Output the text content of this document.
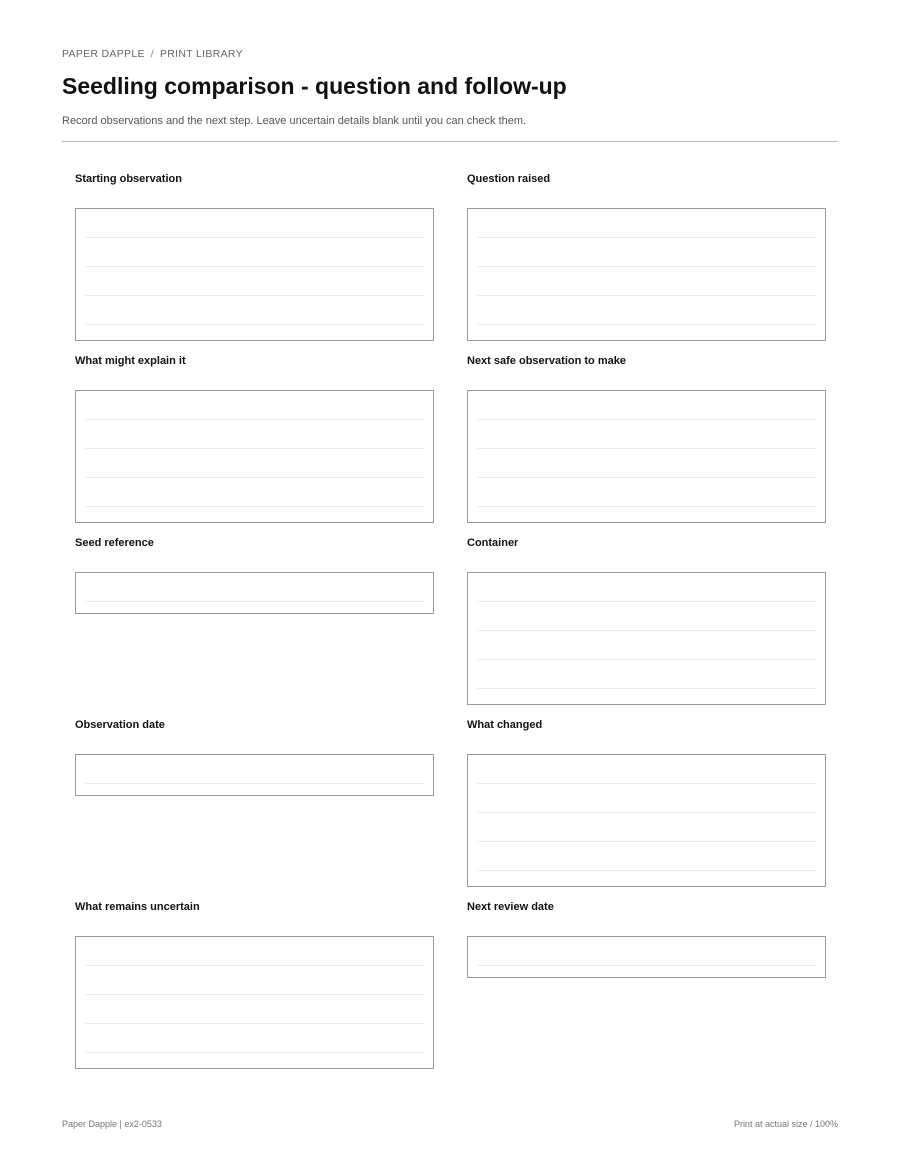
PAPER DAPPLE / PRINT LIBRARY
Seedling comparison - question and follow-up

Record observations and the next step. Leave uncertain details blank until you can check them.

Starting observation	Question raised
What might explain it	Next safe observation to make
Seed reference	Container
Observation date	What changed
What remains uncertain	Next review date
Paper Dapple | ex2-0533	Print at actual size / 100%
